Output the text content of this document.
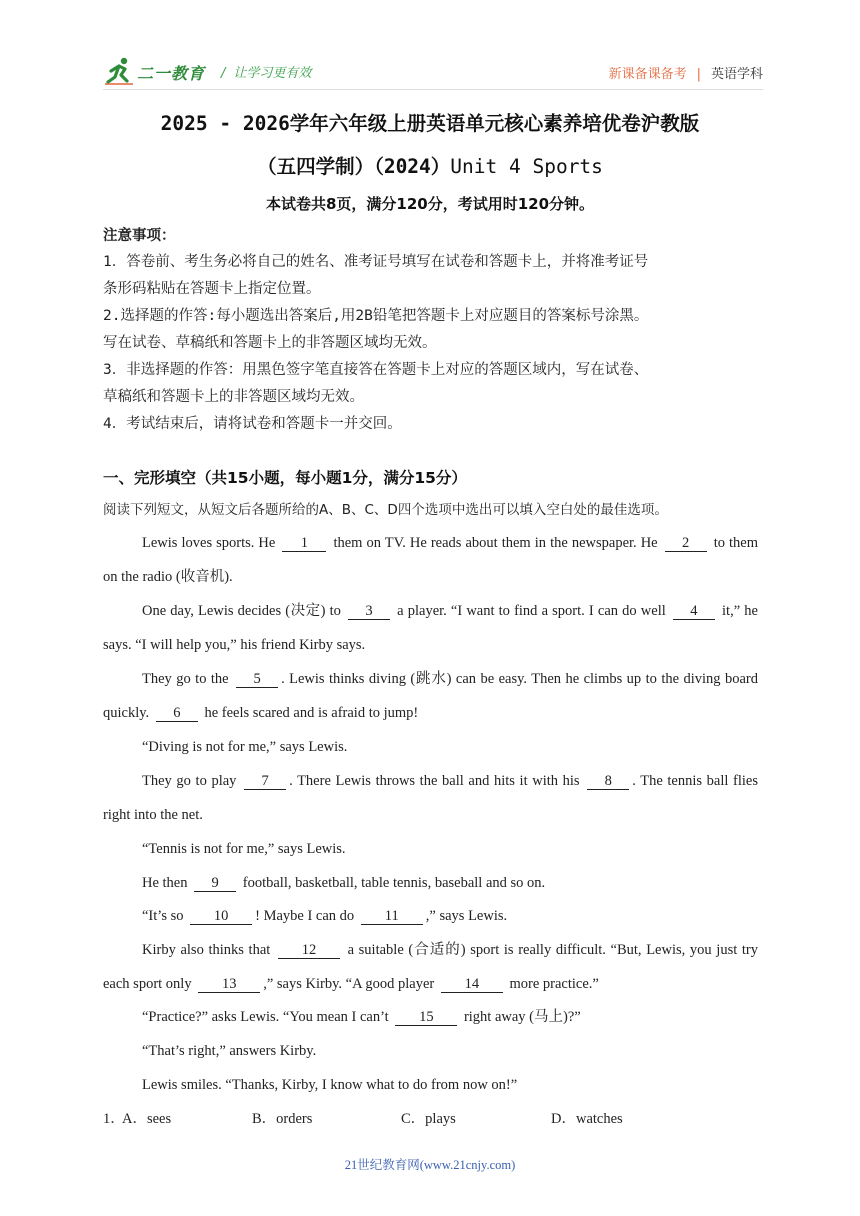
二一教育 / 让学习更有效	新课备课备考 | 英语学科
2025 - 2026学年六年级上册英语单元核心素养培优卷沪教版
（五四学制）（2024）Unit 4 Sports
本试卷共8页，满分120分，考试用时120分钟。
注意事项：
1．答卷前、考生务必将自己的姓名、准考证号填写在试卷和答题卡上，并将准考证号
条形码粘贴在答题卡上指定位置。
2.选择题的作答:每小题选出答案后,用2B铅笔把答题卡上对应题目的答案标号涂黑。
写在试卷、草稿纸和答题卡上的非答题区域均无效。
3．非选择题的作答：用黑色签字笔直接答在答题卡上对应的答题区域内，写在试卷、
草稿纸和答题卡上的非答题区域均无效。
4．考试结束后，请将试卷和答题卡一并交回。
一、完形填空（共15小题，每小题1分，满分15分）
阅读下列短文，从短文后各题所给的A、B、C、D四个选项中选出可以填入空白处的最佳选项。
Lewis loves sports. He 1 them on TV. He reads about them in the newspaper. He 2 to them on the radio (收音机).
One day, Lewis decides (决定) to 3 a player. “I want to find a sport. I can do well 4 it,” he says. “I will help you,” his friend Kirby says.
They go to the 5 . Lewis thinks diving (跳水) can be easy. Then he climbs up to the diving board quickly. 6 he feels scared and is afraid to jump!
“Diving is not for me,” says Lewis.
They go to play 7 . There Lewis throws the ball and hits it with his 8 . The tennis ball flies right into the net.
“Tennis is not for me,” says Lewis.
He then 9 football, basketball, table tennis, baseball and so on.
“It’s so 10 ! Maybe I can do 11 ,” says Lewis.
Kirby also thinks that 12 a suitable (合适的) sport is really difficult. “But, Lewis, you just try each sport only 13 ,” says Kirby. “A good player 14 more practice.”
“Practice?” asks Lewis. “You mean I can’t 15 right away (马上)?”
“That’s right,” answers Kirby.
Lewis smiles. “Thanks, Kirby, I know what to do from now on!”
1．
A．sees	B．orders	C．plays	D．watches
21世纪教育网(www.21cnjy.com)
